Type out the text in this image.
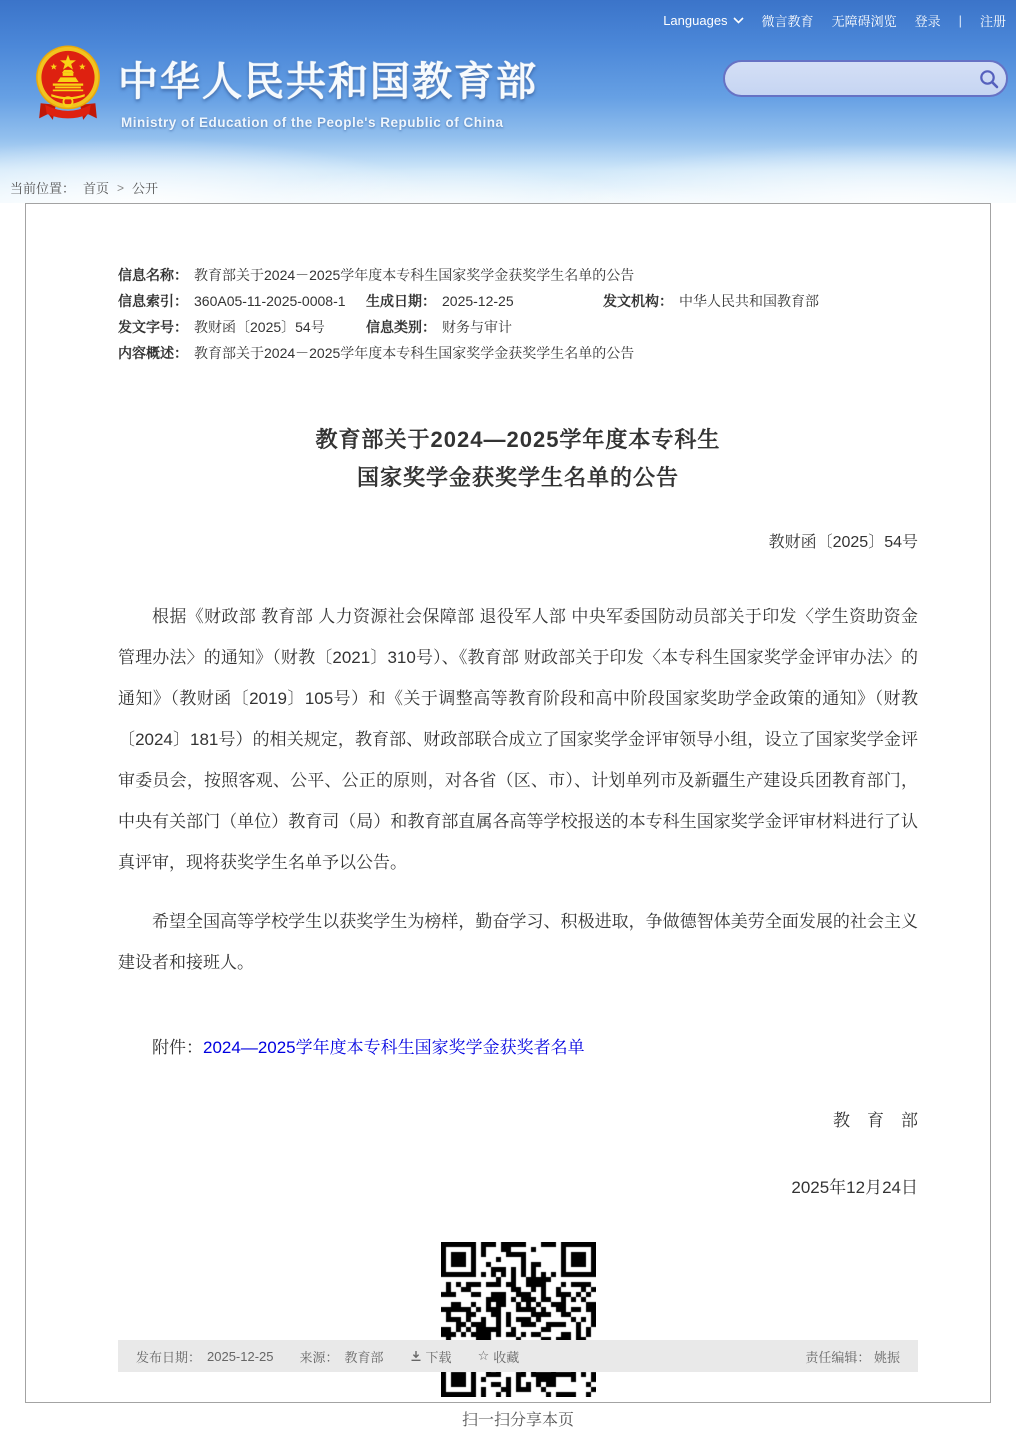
Languages	微言教育 无障碍浏览 登录 | 注册
中华人民共和国教育部
Ministry of Education of the People's Republic of China
当前位置： 首页 > 公开
信息名称： 教育部关于2024－2025学年度本专科生国家奖学金获奖学生名单的公告
信息索引： 360A05-11-2025-0008-1 生成日期： 2025-12-25	发文机构： 中华人民共和国教育部
发文字号： 教财函〔2025〕54号	信息类别： 财务与审计
内容概述： 教育部关于2024－2025学年度本专科生国家奖学金获奖学生名单的公告
教育部关于2024—2025学年度本专科生
国家奖学金获奖学生名单的公告
教财函〔2025〕54号

根据《财政部 教育部 人力资源社会保障部 退役军人部 中央军委国防动员部关于印发〈学生资助资金管理办法〉的通知》（财教〔2021〕310号）、《教育部 财政部关于印发〈本专科生国家奖学金评审办法〉的通知》（教财函〔2019〕105号）和《关于调整高等教育阶段和高中阶段国家奖助学金政策的通知》（财教〔2024〕181号）的相关规定，教育部、财政部联合成立了国家奖学金评审领导小组，设立了国家奖学金评审委员会，按照客观、公平、公正的原则，对各省（区、市）、计划单列市及新疆生产建设兵团教育部门，中央有关部门（单位）教育司（局）和教育部直属各高等学校报送的本专科生国家奖学金评审材料进行了认真评审，现将获奖学生名单予以公告。

希望全国高等学校学生以获奖学生为榜样，勤奋学习、积极进取，争做德智体美劳全面发展的社会主义建设者和接班人。

附件：2024—2025学年度本专科生国家奖学金获奖者名单
教　育　部
2025年12月24日
扫一扫分享本页
发布日期： 2025-12-25 来源： 教育部	下载 ☆ 收藏	责任编辑： 姚振
